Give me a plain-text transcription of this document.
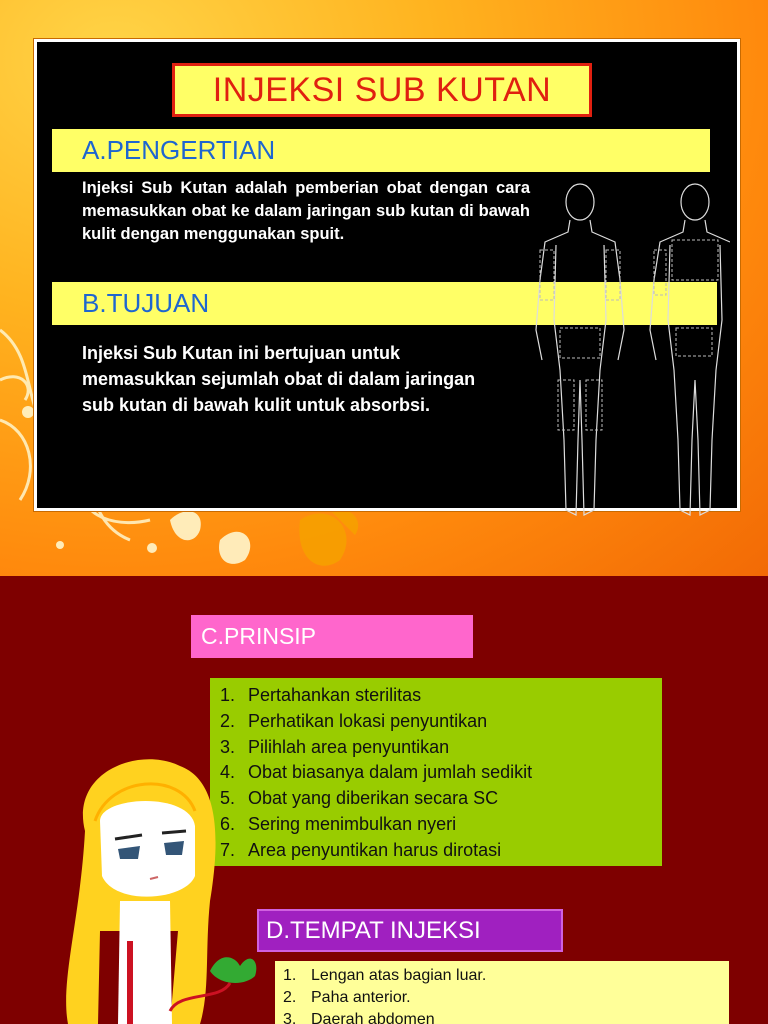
INJEKSI SUB KUTAN
A.PENGERTIAN
Injeksi Sub Kutan adalah pemberian obat dengan cara memasukkan obat ke dalam jaringan sub kutan di bawah kulit dengan menggunakan spuit.
B.TUJUAN
Injeksi Sub Kutan ini bertujuan untuk memasukkan sejumlah obat di dalam jaringan sub kutan di bawah kulit untuk absorbsi.
C.PRINSIP
1. Pertahankan sterilitas
2. Perhatikan lokasi penyuntikan
3. Pilihlah area penyuntikan
4. Obat biasanya dalam jumlah sedikit
5. Obat yang diberikan secara SC
6. Sering menimbulkan nyeri
7. Area penyuntikan harus dirotasi
D.TEMPAT INJEKSI
1. Lengan atas bagian luar.
2. Paha anterior.
3. Daerah abdomen
